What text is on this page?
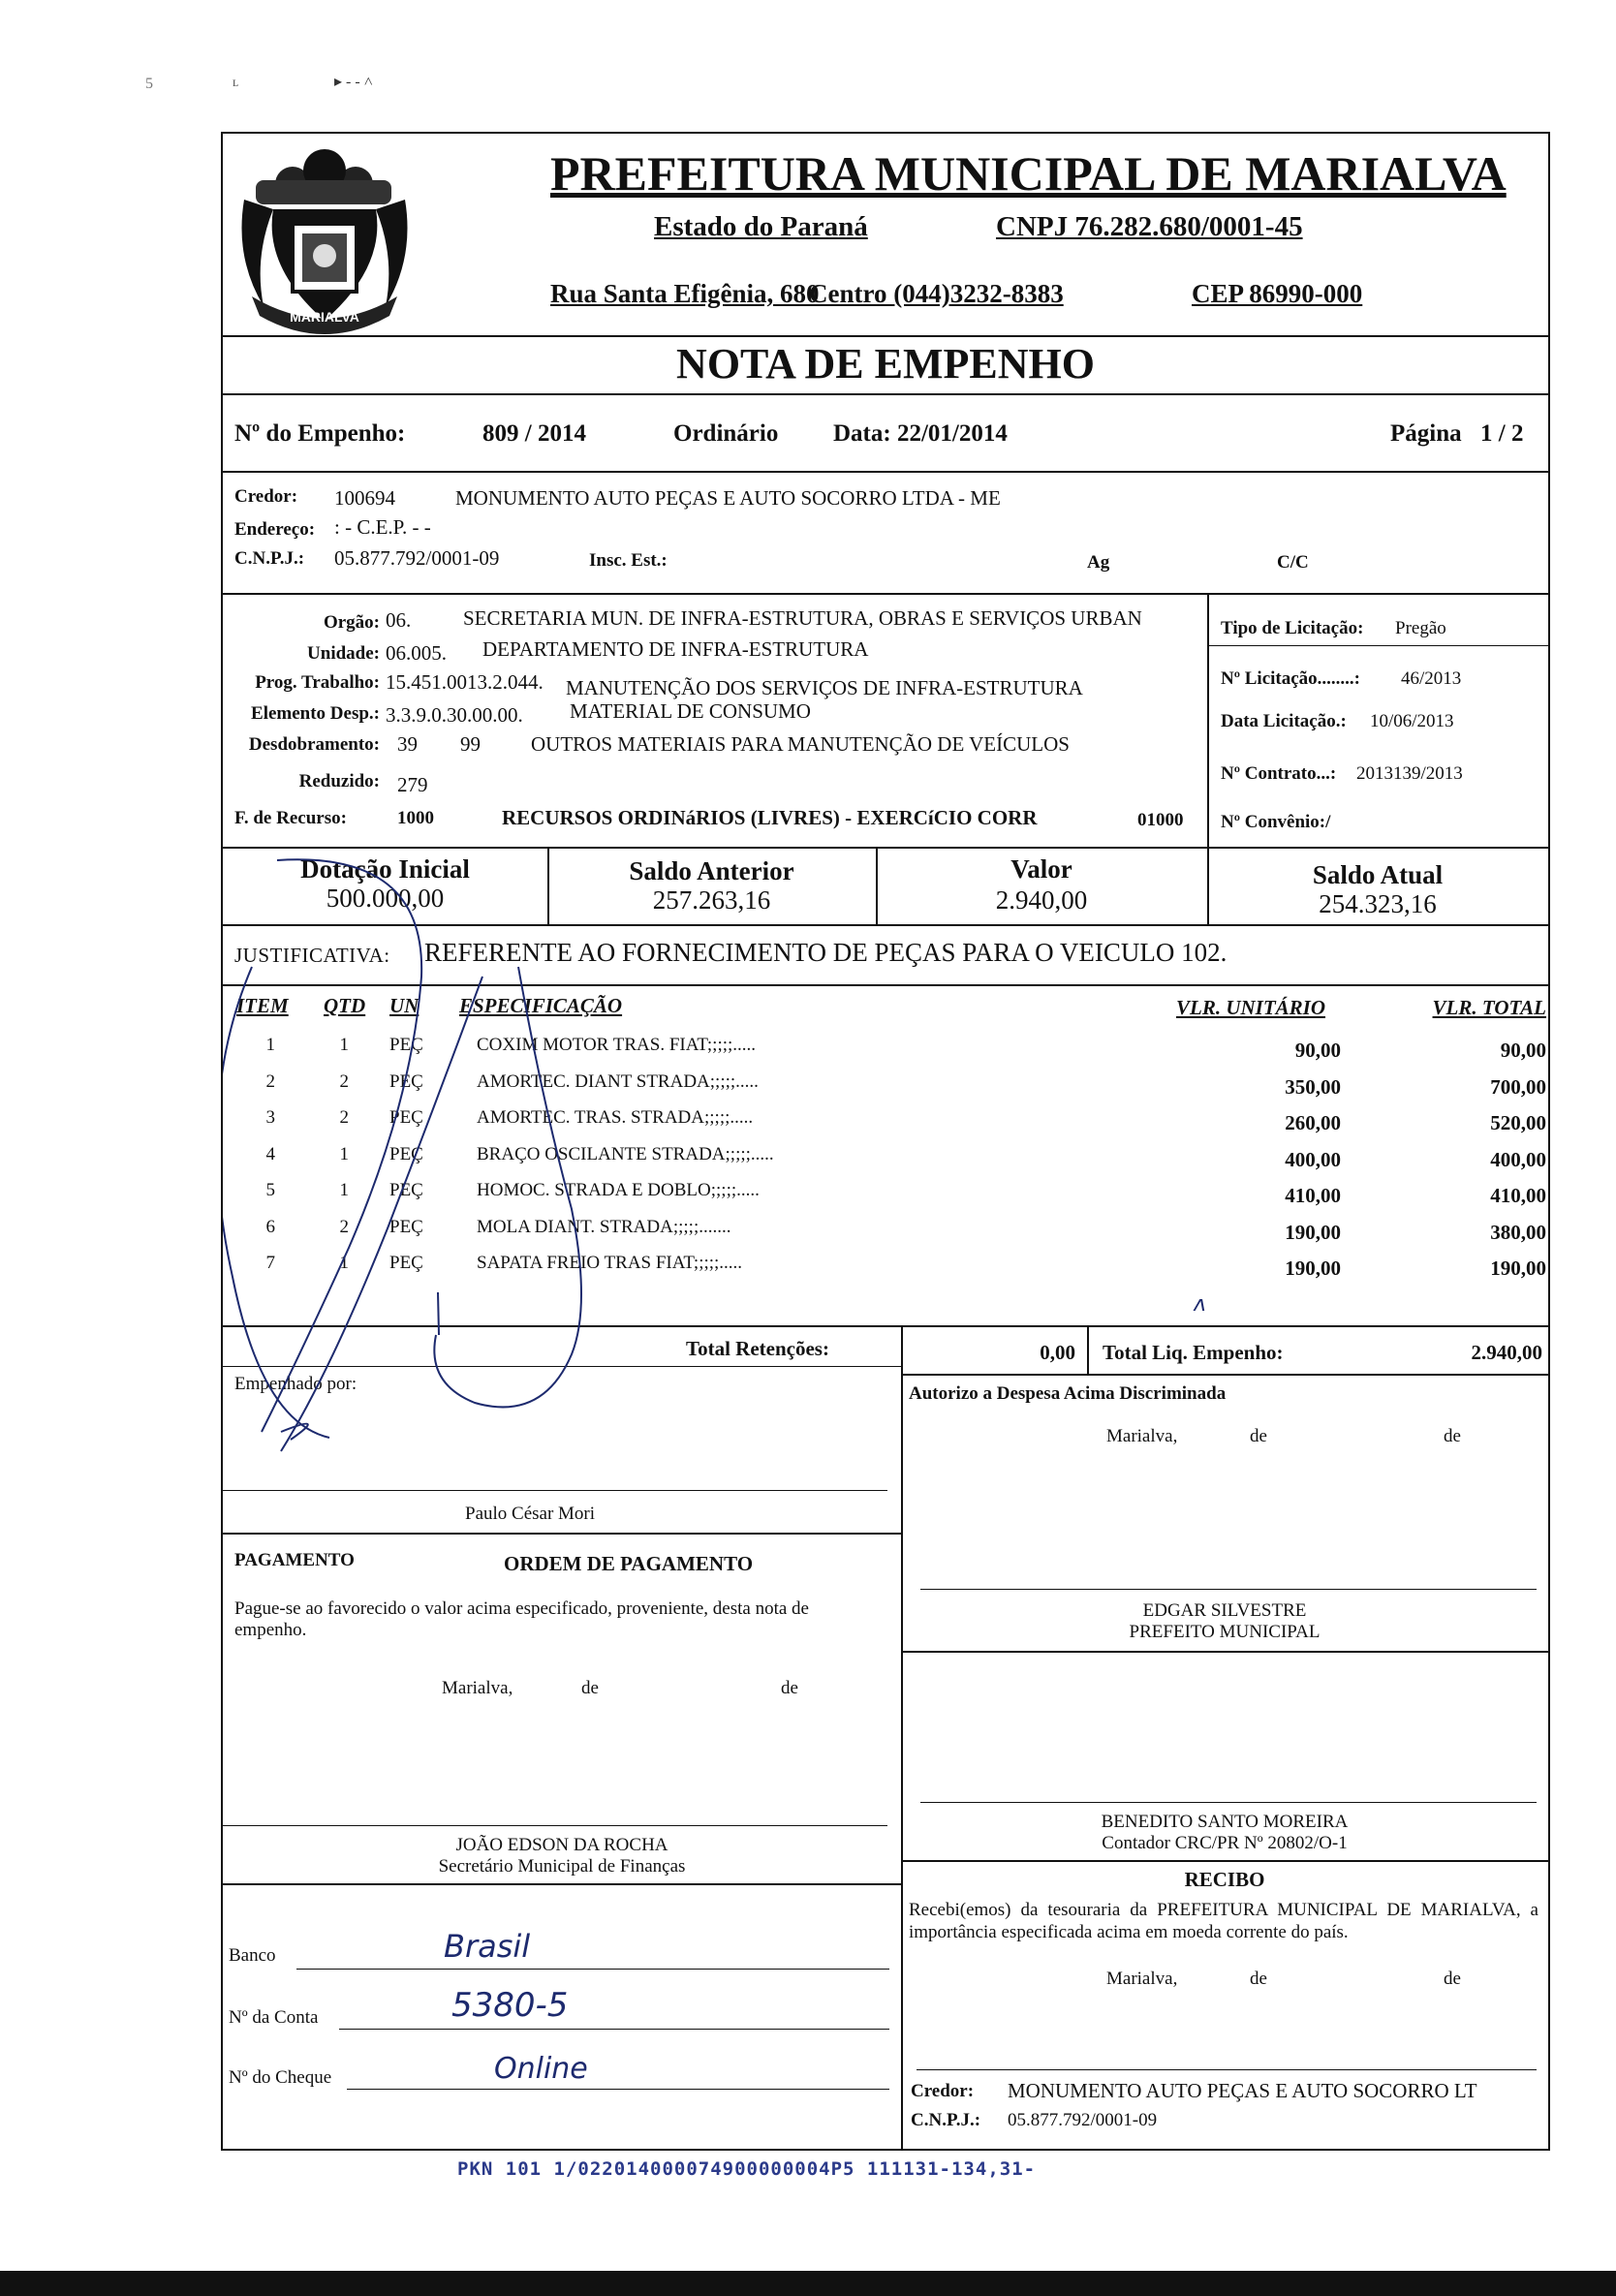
5	ʟ	▸ ‐ ‐ ˄
MARIALVA
PREFEITURA MUNICIPAL DE MARIALVA
Estado do Paraná	CNPJ 76.282.680/0001-45
Rua Santa Efigênia, 680
Centro (044)3232-8383	CEP 86990-000
NOTA DE EMPENHO
Nº do Empenho:	809 / 2014	Ordinário Data: 22/01/2014	Página 1 / 2
Credor: 100694	MONUMENTO AUTO PEÇAS E AUTO SOCORRO LTDA - ME
Endereço: : - C.E.P. - -
C.N.P.J.: 05.877.792/0001-09	Insc. Est.:	Ag	C/C
Orgão: 06.	SECRETARIA MUN. DE INFRA-ESTRUTURA, OBRAS E SERVIÇOS URBAN
Unidade: 06.005. DEPARTAMENTO DE INFRA-ESTRUTURA
Prog. Trabalho: 15.451.0013.2.044. MANUTENÇÃO DOS SERVIÇOS DE INFRA-ESTRUTURA
Elemento Desp.: 3.3.9.0.30.00.00. MATERIAL DE CONSUMO
Desdobramento: 39 99 OUTROS MATERIAIS PARA MANUTENÇÃO DE VEÍCULOS
Reduzido: 279
F. de Recurso:	1000	RECURSOS ORDINáRIOS (LIVRES) - EXERCíCIO CORR	01000
Tipo de Licitação: Pregão
Nº Licitação........: 46/2013
Data Licitação.: 10/06/2013
Nº Contrato...: 2013139/2013
Nº Convênio:/
Dotação Inicial
500.000,00
Saldo Anterior
257.263,16
Valor
2.940,00
Saldo Atual
254.323,16
JUSTIFICATIVA: REFERENTE AO FORNECIMENTO DE PEÇAS PARA O VEICULO 102.
ITEM QTD UN ESPECIFICAÇÃO	VLR. UNITÁRIO	VLR. TOTAL
1	1 PEÇ	COXIM MOTOR TRAS. FIAT;;;;;.....	90,00	90,00
2	2 PEÇ	AMORTEC. DIANT STRADA;;;;;.....	350,00	700,00
3	2 PEÇ	AMORTEC. TRAS. STRADA;;;;;.....	260,00	520,00
4	1 PEÇ	BRAÇO OSCILANTE STRADA;;;;;.....	400,00	400,00
5	1 PEÇ	HOMOC. STRADA E DOBLO;;;;;.....	410,00	410,00
6	2 PEÇ	MOLA DIANT. STRADA;;;;;.......	190,00	380,00
7	1 PEÇ	SAPATA FREIO TRAS FIAT;;;;;.....	190,00	190,00
ʌ
Total Retenções:	0,00 Total Liq. Empenho:	2.940,00
Empenhado por:
Paulo César Mori
Autorizo a Despesa Acima Discriminada
Marialva,	de	de
PAGAMENTO	ORDEM DE PAGAMENTO
Pague-se ao favorecido o valor acima especificado, proveniente, desta nota de empenho.
Marialva,	de	de
EDGAR SILVESTRE
PREFEITO MUNICIPAL
BENEDITO SANTO MOREIRA
Contador CRC/PR Nº 20802/O-1
JOÃO EDSON DA ROCHA
Secretário Municipal de Finanças
RECIBO
Recebi(emos) da tesouraria da PREFEITURA MUNICIPAL DE MARIALVA, a importância especificada acima em moeda corrente do país.
Marialva,	de	de
Banco	Brasil
Nº da Conta	5380-5
Nº do Cheque	Online
Credor: MONUMENTO AUTO PEÇAS E AUTO SOCORRO LT
C.N.P.J.: 05.877.792/0001-09
PKN 101 1/022014000074900000004P5 111131-134,31-
